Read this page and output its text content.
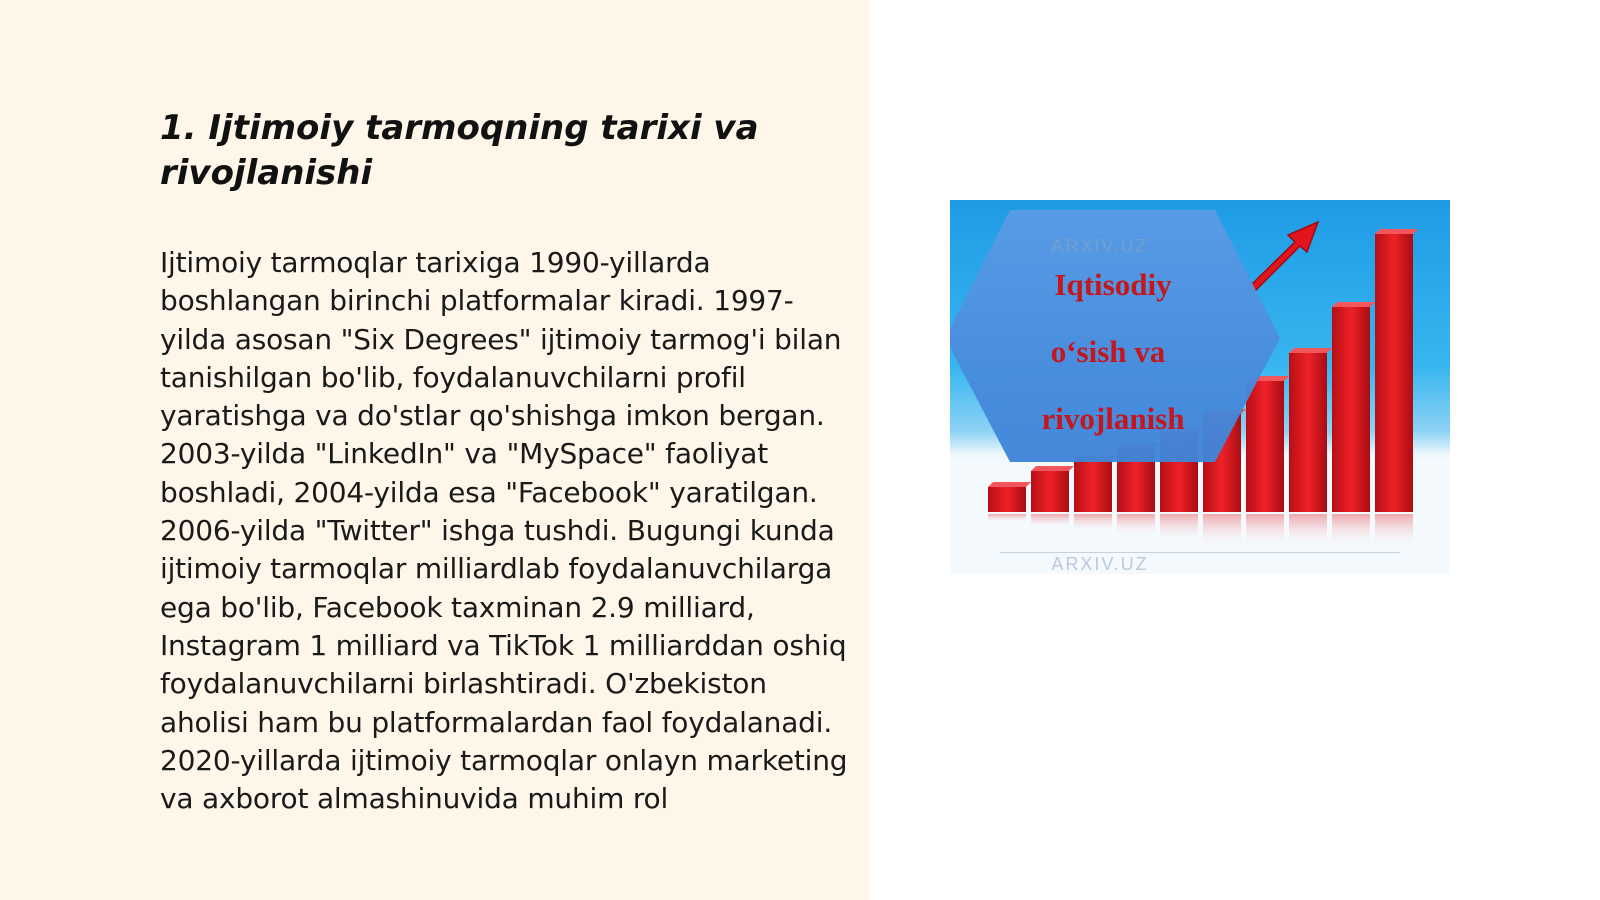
1. Ijtimoiy tarmoqning tarixi va rivojlanishi

Ijtimoiy tarmoqlar tarixiga 1990-yillarda boshlangan birinchi platformalar kiradi. 1997-yilda asosan "Six Degrees" ijtimoiy tarmog'i bilan tanishilgan bo'lib, foydalanuvchilarni profil yaratishga va do'stlar qo'shishga imkon bergan. 2003-yilda "LinkedIn" va "MySpace" faoliyat boshladi, 2004-yilda esa "Facebook" yaratilgan. 2006-yilda "Twitter" ishga tushdi. Bugungi kunda ijtimoiy tarmoqlar milliardlab foydalanuvchilarga ega bo'lib, Facebook taxminan 2.9 milliard, Instagram 1 milliard va TikTok 1 milliarddan oshiq foydalanuvchilarni birlashtiradi. O'zbekiston aholisi ham bu platformalardan faol foydalanadi. 2020-yillarda ijtimoiy tarmoqlar onlayn marketing va axborot almashinuvida muhim rol

ARXIV.UZ
Iqtisodiy
o‘sish va
rivojlanish
ARXIV.UZ
